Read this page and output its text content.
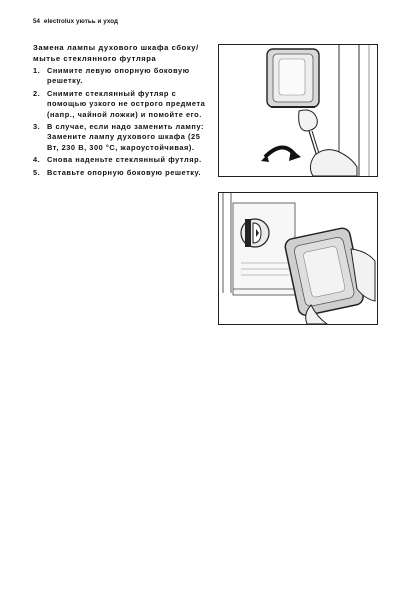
54 electrolux уютьь и уход
Замена лампы духового шкафа сбоку/мытье стеклянного футляра
1. Снимите левую опорную боковую решетку.
2. Снимите стеклянный футляр с помощью узкого не острого предмета (напр., чайной ложки) и помойте его.
3. В случае, если надо заменить лампу:
Замените лампу духового шкафа (25 Вт, 230 В, 300 °С, жароустойчивая).
4. Снова наденьте стеклянный футляр.
5. Вставьте опорную боковую решетку.
